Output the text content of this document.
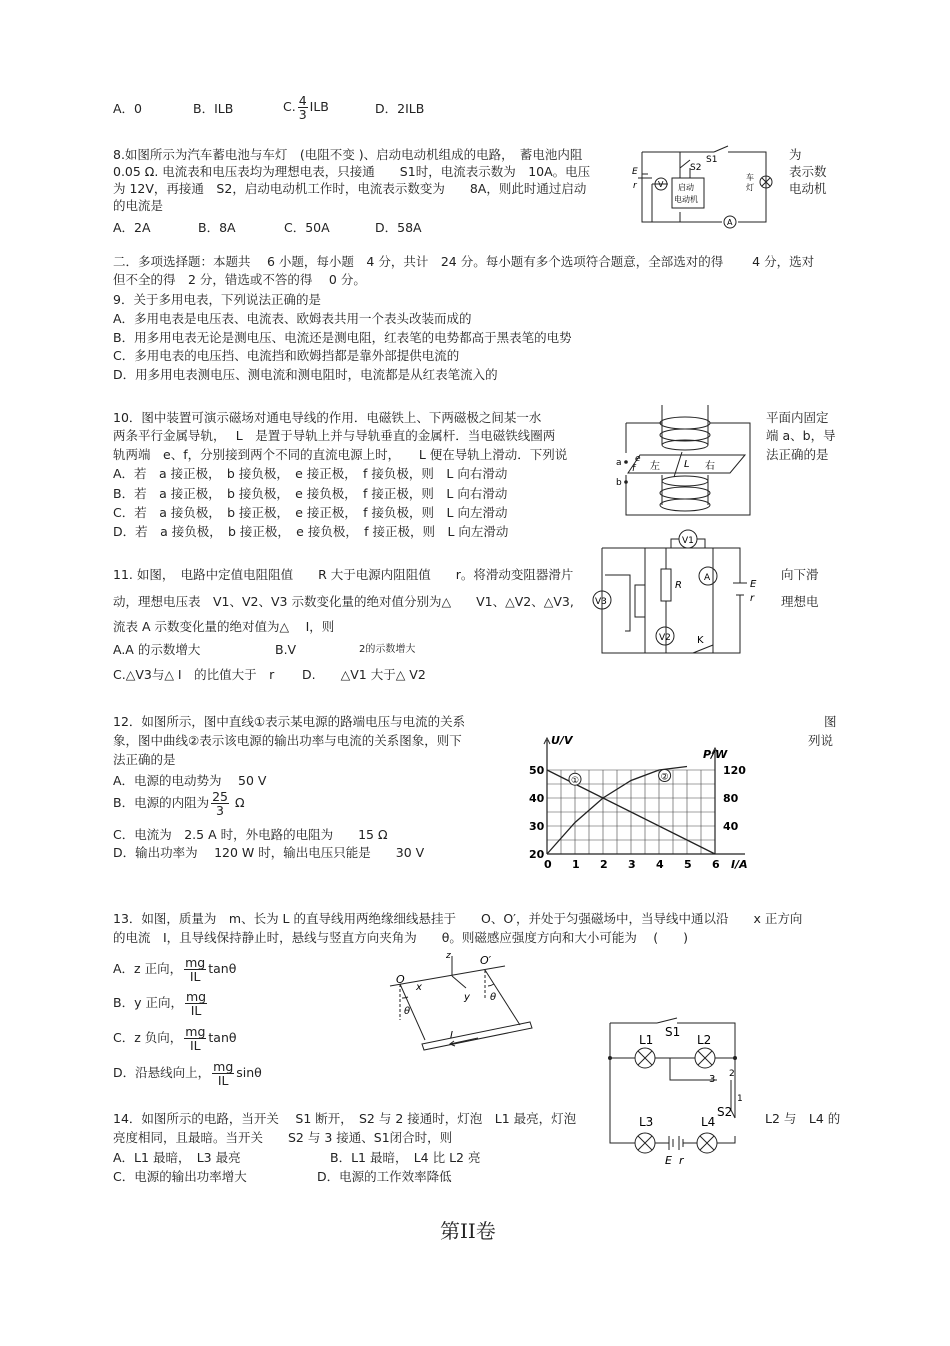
A．0	B．ILB	C. $\frac{4}{3}$ ILB	D．2ILB
8.如图所示为汽车蓄电池与车灯　(电阻不变 )、启动电动机组成的电路，　蓄电池内阻
0.05 Ω. 电流表和电压表均为理想电表，只接通　　S1时，电流表示数为　10A。电压
为 12V，再接通　S2，启动电动机工作时，电流表示数变为　　8A，则此时通过启动
的电流是
为
表示数
电动机
A．2A	B．8A	C．50A	D．58A
S1
S2
E
r	V
A
启动
电动机
车
灯
二．多项选择题：本题共　 6 小题，每小题　4 分，共计　24 分。每小题有多个选项符合题意，全部选对的得　　 4 分，选对
但不全的得　2 分，错选或不答的得　 0 分。
9．关于多用电表，下列说法正确的是
A．多用电表是电压表、电流表、欧姆表共用一个表头改装而成的
B．用多用电表无论是测电压、电流还是测电阻，红表笔的电势都高于黑表笔的电势
C．多用电表的电压挡、电流挡和欧姆挡都是靠外部提供电流的
D．用多用电表测电压、测电流和测电阻时，电流都是从红表笔流入的
10．图中装置可演示磁场对通电导线的作用．电磁铁上、下两磁极之间某一水
两条平行金属导轨，　 L　是置于导轨上并与导轨垂直的金属杆．当电磁铁线圈两
轨两端　e、f，分别接到两个不同的直流电源上时，　　L 便在导轨上滑动．下列说
平面内固定
端 a、b，导
法正确的是
A．若　a 接正极，　b 接负极，　e 接正极，　f 接负极，则　L 向右滑动
B．若　a 接正极，　b 接负极，　e 接负极，　f 接正极，则　L 向右滑动
C．若　a 接负极，　b 接正极，　e 接正极，　f 接负极，则　L 向左滑动
D．若　a 接负极，　b 接正极，　e 接负极，　f 接正极，则　L 向左滑动
a
b
e
f 左 L 右
11. 如图，　电路中定值电阻阻值　　R 大于电源内阻阻值　　r。将滑动变阻器滑片
动，理想电压表　V1、V2、V3 示数变化量的绝对值分别为△　　V1、△V2、△V3,
流表 A 示数变化量的绝对值为△　 I，则
向下滑
理想电
A.A 的示数增大	B.V	2的示数增大
C.△V3与△ I　的比值大于　r D.　　△V1 大于△ V2
V1
V2
V3
A
R	E
r
K
12．如图所示，图中直线①表示某电源的路端电压与电流的关系
象，图中曲线②表示该电源的输出功率与电流的关系图象，则下
法正确的是
图
列说
A．电源的电动势为　 50 V
B．电源的内阻为 $\frac{25}{3}$ Ω
C．电流为　2.5 A 时，外电路的电阻为　　15 Ω
D．输出功率为　 120 W 时，输出电压只能是　　30 V
U/V
P/W
I/A
0 1 2 3 4 5 6
20
30
40
50
40
80
120
①	②
13．如图，质量为　m、长为 L 的直导线用两绝缘细线悬挂于　　O、O′，并处于匀强磁场中，当导线中通以沿　　x 正方向
的电流　I，且导线保持静止时，悬线与竖直方向夹角为　　θ。则磁感应强度方向和大小可能为　 (　　)
A．z 正向， $\frac{mg}{IL}$ tanθ
B．y 正向， $\frac{mg}{IL}$
C．z 负向， $\frac{mg}{IL}$ tanθ
D．沿悬线向上， $\frac{mg}{IL}$ sinθ
O
O′
x
y
z
θ
θ
I
14．如图所示的电路，当开关　 S1 断开，　S2 与 2 接通时，灯泡　L1 最亮，灯泡	L2 与　L4 的
亮度相同，且最暗。当开关　　S2 与 3 接通、S1闭合时，则
A．L1 最暗，　L3 最亮	B．L1 最暗，　L4 比 L2 亮
C．电源的输出功率增大	D．电源的工作效率降低
S1
L1	L2
L3	L4
S2
1
2
3
E r
第II卷
